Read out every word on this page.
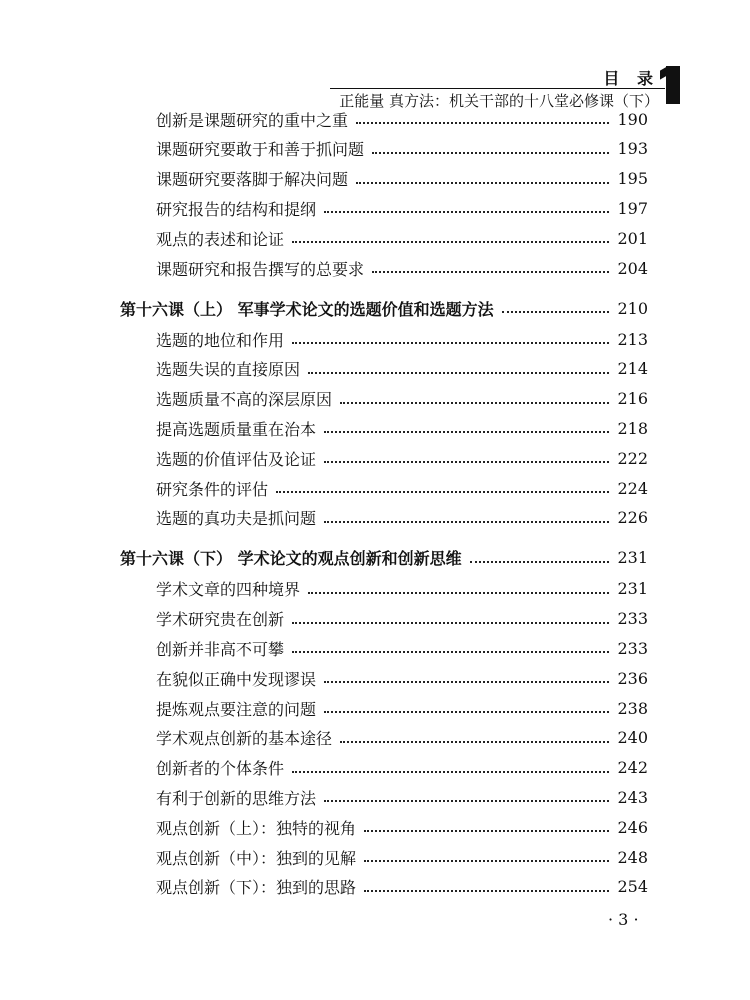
目 录
正能量 真方法：机关干部的十八堂必修课（下）
创新是课题研究的重中之重	190
课题研究要敢于和善于抓问题	193
课题研究要落脚于解决问题	195
研究报告的结构和提纲	197
观点的表述和论证	201
课题研究和报告撰写的总要求	204
第十六课（上） 军事学术论文的选题价值和选题方法	210
选题的地位和作用	213
选题失误的直接原因	214
选题质量不高的深层原因	216
提高选题质量重在治本	218
选题的价值评估及论证	222
研究条件的评估	224
选题的真功夫是抓问题	226
第十六课（下） 学术论文的观点创新和创新思维	231
学术文章的四种境界	231
学术研究贵在创新	233
创新并非高不可攀	233
在貌似正确中发现谬误	236
提炼观点要注意的问题	238
学术观点创新的基本途径	240
创新者的个体条件	242
有利于创新的思维方法	243
观点创新（上）：独特的视角	246
观点创新（中）：独到的见解	248
观点创新（下）：独到的思路	254
· 3 ·
